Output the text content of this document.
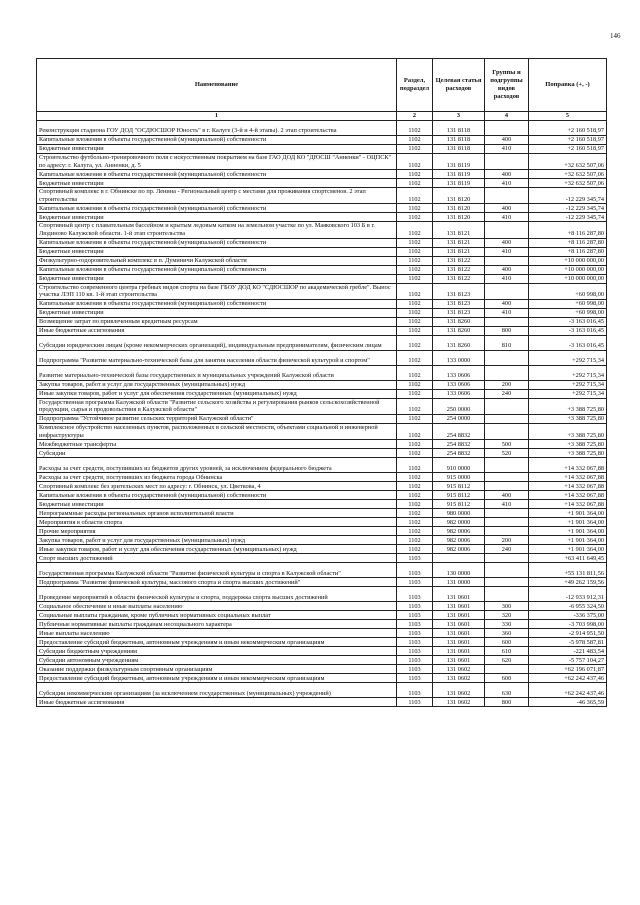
146
Наименование	Раздел, подраздел	Целевая статья расходов	Группы и подгруппы видов расходов	Поправка (+, -)
1	2	3	4	5
Реконструкция стадиона ГОУ ДОД "ОСДЮСШОР Юность" в г. Калуге (3-й и 4-й этапы). 2 этап строительства	1102	131 8118		+2 160 518,97
Капитальные вложения в объекты государственной (муниципальной) собственности	1102	131 8118	400	+2 160 518,97
Бюджетные инвестиции	1102	131 8118	410	+2 160 518,97
Строительство футбольно-тренировочного поля с искусственным покрытием на базе ГАО ДОД КО "ДЮСШ "Анненки" - ОЦПСК" по адресу: г. Калуга, ул. Анненки, д. 5	1102	131 8119		+32 632 507,06
Капитальные вложения в объекты государственной (муниципальной) собственности	1102	131 8119	400	+32 632 507,06
Бюджетные инвестиции	1102	131 8119	410	+32 632 507,06
Спортивный комплекс в г. Обнинске по пр. Ленина - Региональный центр с местами для проживания спортсменов. 2 этап строительства	1102	131 8120		-12 229 345,74
Капитальные вложения в объекты государственной (муниципальной) собственности	1102	131 8120	400	-12 229 345,74
Бюджетные инвестиции	1102	131 8120	410	-12 229 345,74
Спортивный центр с плавательным бассейном и крытым ледовым катком на земельном участке по ул. Маяковского 103 Б в г. Людиново Калужской области. 1-й этап строительства	1102	131 8121		+8 116 287,80
Капитальные вложения в объекты государственной (муниципальной) собственности	1102	131 8121	400	+8 116 287,80
Бюджетные инвестиции	1102	131 8121	410	+8 116 287,80
Физкультурно-оздоровительный комплекс в п. Думиничи Калужской области	1102	131 8122		+10 000 000,00
Капитальные вложения в объекты государственной (муниципальной) собственности	1102	131 8122	400	+10 000 000,00
Бюджетные инвестиции	1102	131 8122	410	+10 000 000,00
Строительство современного центра гребных видов спорта на базе ГБОУ ДОД КО "СДЮСШОР по академической гребле". Вынос участка ЛЭП 110 кв. 1-й этап строительства	1102	131 8123		+60 998,00
Капитальные вложения в объекты государственной (муниципальной) собственности	1102	131 8123	400	+60 998,00
Бюджетные инвестиции	1102	131 8123	410	+60 998,00
Возмещение затрат по привлеченным кредитным ресурсам	1102	131 8260		-3 163 016,45
Иные бюджетные ассигнования	1102	131 8260	800	-3 163 016,45
Субсидии юридическим лицам (кроме некоммерческих организаций), индивидуальным предпринимателям, физическим лицам	1102	131 8260	810	-3 163 016,45
Подпрограмма "Развитие материально-технической базы для занятия населения области физической культурой и спортом"	1102	133 0000		+292 715,34
Развитие материально-технической базы государственных и муниципальных учреждений Калужской области	1102	133 0606		+292 715,34
Закупка товаров, работ и услуг для государственных (муниципальных) нужд	1102	133 0606	200	+292 715,34
Иные закупки товаров, работ и услуг для обеспечения государственных (муниципальных) нужд	1102	133 0606	240	+292 715,34
Государственная программа Калужской области "Развитие сельского хозяйства и регулирования рынков сельскохозяйственной продукции, сырья и продовольствия в Калужской области"	1102	250 0000		+3 388 725,80
Подпрограмма "Устойчивое развитие сельских территорий Калужской области"	1102	254 0000		+3 388 725,80
Комплексное обустройство населенных пунктов, расположенных в сельской местности, объектами социальной и инженерной инфраструктуры	1102	254 8832		+3 388 725,80
Межбюджетные трансферты	1102	254 8832	500	+3 388 725,80
Субсидии	1102	254 8832	520	+3 388 725,80
Расходы за счет средств, поступивших из бюджетов других уровней, за исключением федерального бюджета	1102	910 0000		+14 332 067,88
Расходы за счет средств, поступивших из бюджета города Обнинска	1102	915 0000		+14 332 067,88
Спортивный комплекс без зрительских мест по адресу: г. Обнинск, ул. Цветкова, 4	1102	915 8112		+14 332 067,88
Капитальные вложения в объекты государственной (муниципальной) собственности	1102	915 8112	400	+14 332 067,88
Бюджетные инвестиции	1102	915 8112	410	+14 332 067,88
Непрограммные расходы региональных органов исполнительной власти	1102	980 0000		+1 901 364,00
Мероприятия в области спорта	1102	982 0000		+1 901 364,00
Прочие мероприятия	1102	982 0006		+1 901 364,00
Закупка товаров, работ и услуг для государственных (муниципальных) нужд	1102	982 0006	200	+1 901 364,00
Иные закупки товаров, работ и услуг для обеспечения государственных (муниципальных) нужд	1102	982 0006	240	+1 901 364,00
Спорт высших достижений	1103			+63 411 649,45
Государственная программа Калужской области "Развитие физической культуры и спорта в Калужской области"	1103	130 0000		+55 131 811,56
Подпрограмма "Развитие физической культуры, массового спорта и спорта высших достижений"	1103	131 0000		+49 262 159,56
Проведение мероприятий в области физической культуры и спорта, поддержка спорта высших достижений	1103	131 0601		-12 933 912,31
Социальное обеспечение и иные выплаты населению	1103	131 0601	300	-6 955 324,50
Социальные выплаты гражданам, кроме публичных нормативных социальных выплат	1103	131 0601	320	-336 375,00
Публичные нормативные выплаты гражданам несоциального характера	1103	131 0601	330	-3 703 998,00
Иные выплаты населению	1103	131 0601	360	-2 914 951,50
Предоставление субсидий бюджетным, автономным учреждениям и иным некоммерческим организациям	1103	131 0601	600	-5 978 587,81
Субсидии бюджетным учреждениям	1103	131 0601	610	-221 483,54
Субсидии автономным учреждениям	1103	131 0601	620	-5 757 104,27
Оказание поддержки физкультурным спортивным организациям	1103	131 0602		+62 196 071,87
Предоставление субсидий бюджетным, автономным учреждениям и иным некоммерческим организациям	1103	131 0602	600	+62 242 437,46
Субсидии некоммерческим организациям (за исключением государственных (муниципальных) учреждений)	1103	131 0602	630	+62 242 437,46
Иные бюджетные ассигнования	1103	131 0602	800	-46 365,59
